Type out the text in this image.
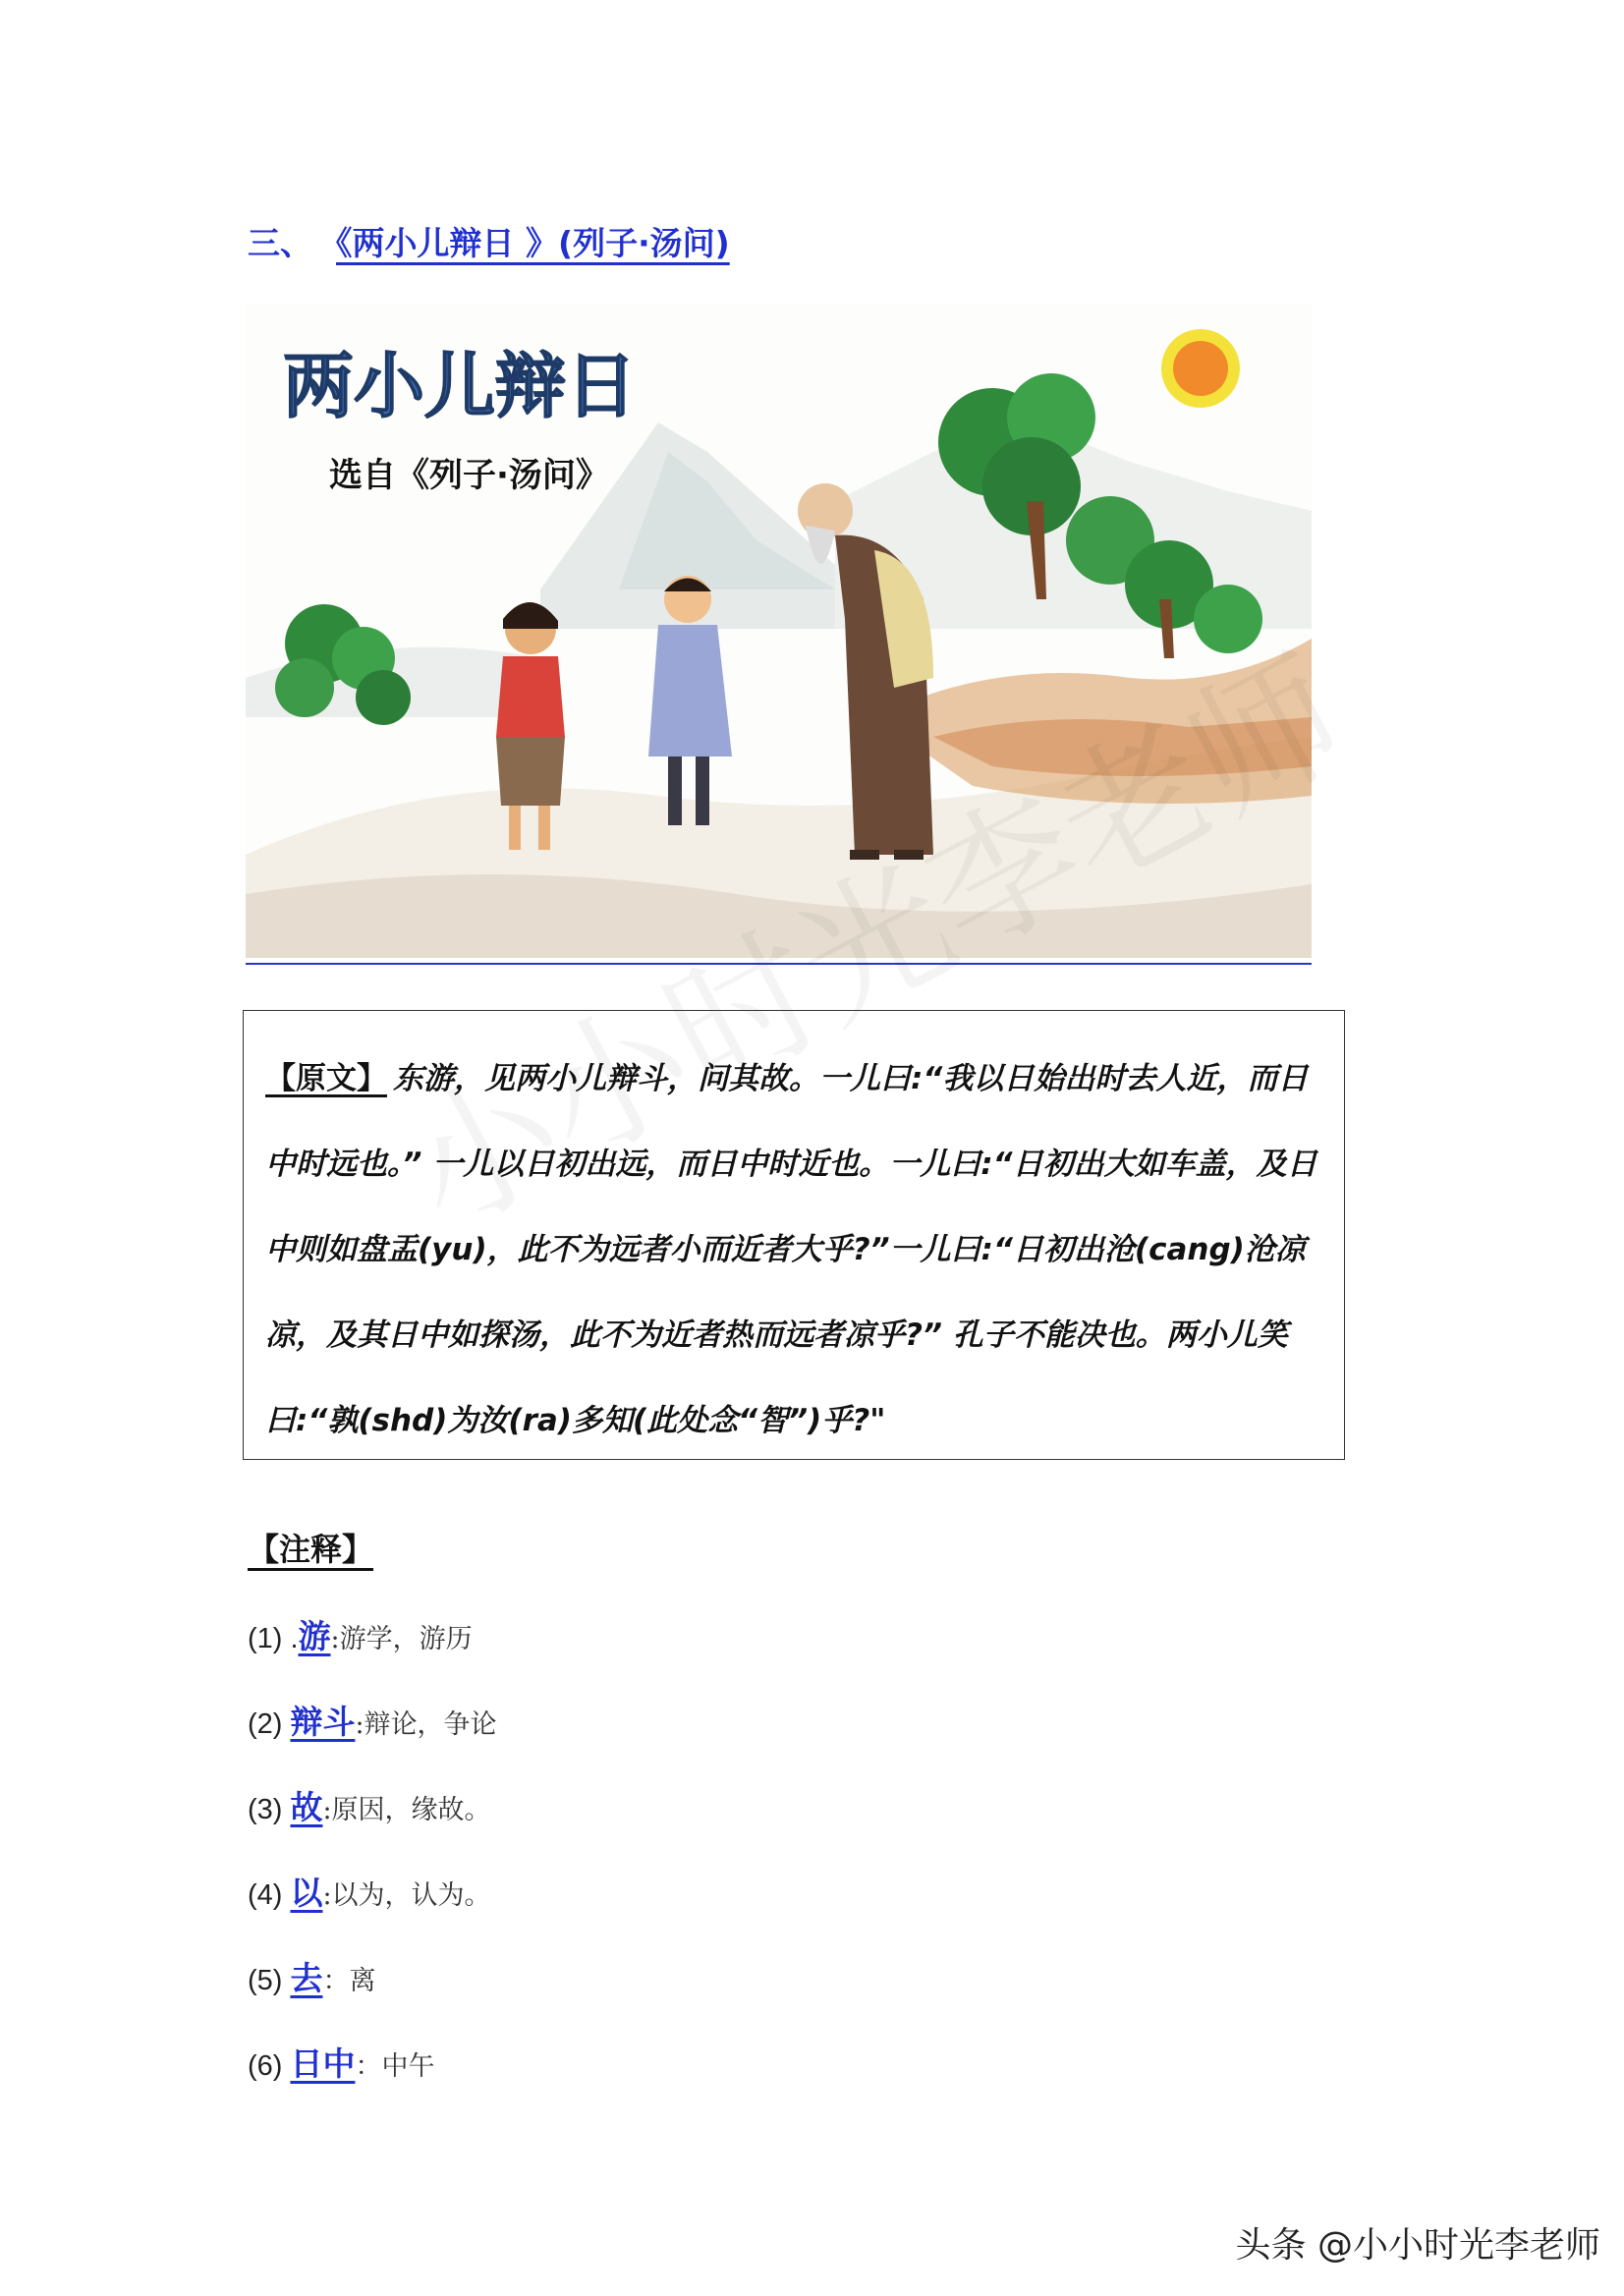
三、 《两小儿辩日 》(列子·汤问)
两小儿辩日
选自《列子·汤问》

【原文】 东游，见两小儿辩斗，问其故。一儿曰:“我以日始出时去人近，而日中时远也。” 一儿以日初出远，而日中时近也。一儿曰:“日初出大如车盖，及日中则如盘盂(yu)，此不为远者小而近者大乎?”一儿曰:“日初出沧(cang)沧凉凉，及其日中如探汤，此不为近者热而远者凉乎?” 孔子不能决也。两小儿笑曰:“孰(shd)为汝(ra)多知(此处念“智”)乎?"

【注释】
(1) . 游 :游学，游历
(2) 辩斗 :辩论，争论
(3) 故 :原因，缘故。
(4) 以 :以为，认为。
(5) 去 ：离
(6) 日中 ：中午
头条 @小小时光李老师
